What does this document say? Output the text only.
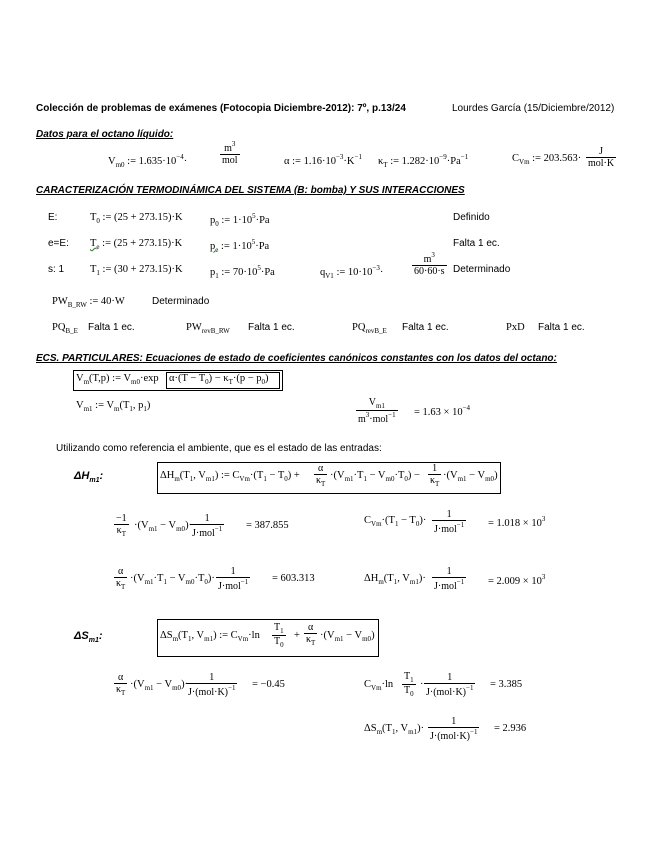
Colección de problemas de exámenes (Fotocopia Diciembre-2012): 7º, p.13/24	Lourdes García (15/Diciembre/2012)
Datos para el octano líquido:
$V_{m0}$ := $1.635\cdot 10^{-4}\cdot$
$m^3$
mol	α := $1.16\cdot 10^{-3}\cdot K^{-1}$ $\kappa_T$ := $1.282\cdot 10^{-9}\cdot Pa^{-1}$	$C_{Vm}$ := 203.563·
J
mol·K
CARACTERIZACIÓN TERMODINÁMICA DEL SISTEMA (B: bomba) Y SUS INTERACCIONES
E:	$T_0$ := (25 + 273.15)·K	$p_0$ := $1\cdot 10^5\cdot Pa$	Definido
e=E: $T_e$ := (25 + 273.15)·K	$p_e$ := $1\cdot 10^5\cdot Pa$	Falta 1 ec.
s: 1 $T_1$ := (30 + 273.15)·K	$p_1$ := $70\cdot 10^5\cdot Pa$	$q_{V1}$ := $10\cdot 10^{-3}\cdot$	$\frac{m^3}{60\cdot 60\cdot s}$ Determinado
$PW_{B\_RW}$ := 40·W	Determinado
$PQ_{B\_E}$ Falta 1 ec.	$PW_{revB\_RW}$ Falta 1 ec.	$PQ_{revB\_E}$ Falta 1 ec.	PxD Falta 1 ec.
ECS. PARTICULARES: Ecuaciones de estado de coeficientes canónicos constantes con los datos del octano:
$V_m(T,p)$ := $V_{m0}\cdot\exp$ $\alpha\cdot(T - T_0) - \kappa_T\cdot(p - p_0)$
$V_{m1}$ := $V_m(T_1$, $p_1$)	$V_{m1}$
$m^3\cdot mol^{-1} = 1.63 \times 10^{-4}$
Utilizando como referencia el ambiente, que es el estado de las entradas:
$\Delta H_{m1}$:	$\Delta H_m(T_1$, $V_{m1}$) := $C_{Vm}\cdot(T_1 - T_0) + \frac{\alpha}{\kappa_T} \cdot(V_{m1}\cdot T_1 - V_{m0}\cdot T_0) - \frac{1}{\kappa_T} \cdot(V_{m1} - V_{m0})$
$\frac{-1}{\kappa_T} \cdot(V_{m1} - V_{m0})\cdot$
1
J·mol$^{-1}$ = 387.855	$C_{Vm}\cdot(T_1 - T_0)\cdot$
1
$J\cdot mol^{-1} = 1.018 \times 10^3$
$\frac{\alpha}{\kappa_T} \cdot(V_{m1}\cdot T_1 - V_{m0}\cdot T_0)\cdot$
1
J·mol$^{-1}$ = 603.313	$\Delta H_m(T_1$, $V_{m1})\cdot$
1
$J\cdot mol^{-1} = 2.009 \times 10^3$
$\Delta S_{m1}$:	$\Delta S_m(T_1$, $V_{m1}$) := $C_{Vm}\cdot\ln \frac{T_1}{T_0} + \frac{\alpha}{\kappa_T} \cdot(V_{m1} - V_{m0})$
$\frac{\alpha}{\kappa_T} \cdot(V_{m1} - V_{m0})\cdot$
1
$J\cdot(mol\cdot K)^{-1} = -0.45$	$C_{Vm}\cdot\ln \frac{T_1}{T_0}$ ·
1
$J\cdot(mol\cdot K)^{-1} = 3.385$
$\Delta S_m(T_1$, $V_{m1})\cdot$
1
$J\cdot(mol\cdot K)^{-1} = 2.936$
